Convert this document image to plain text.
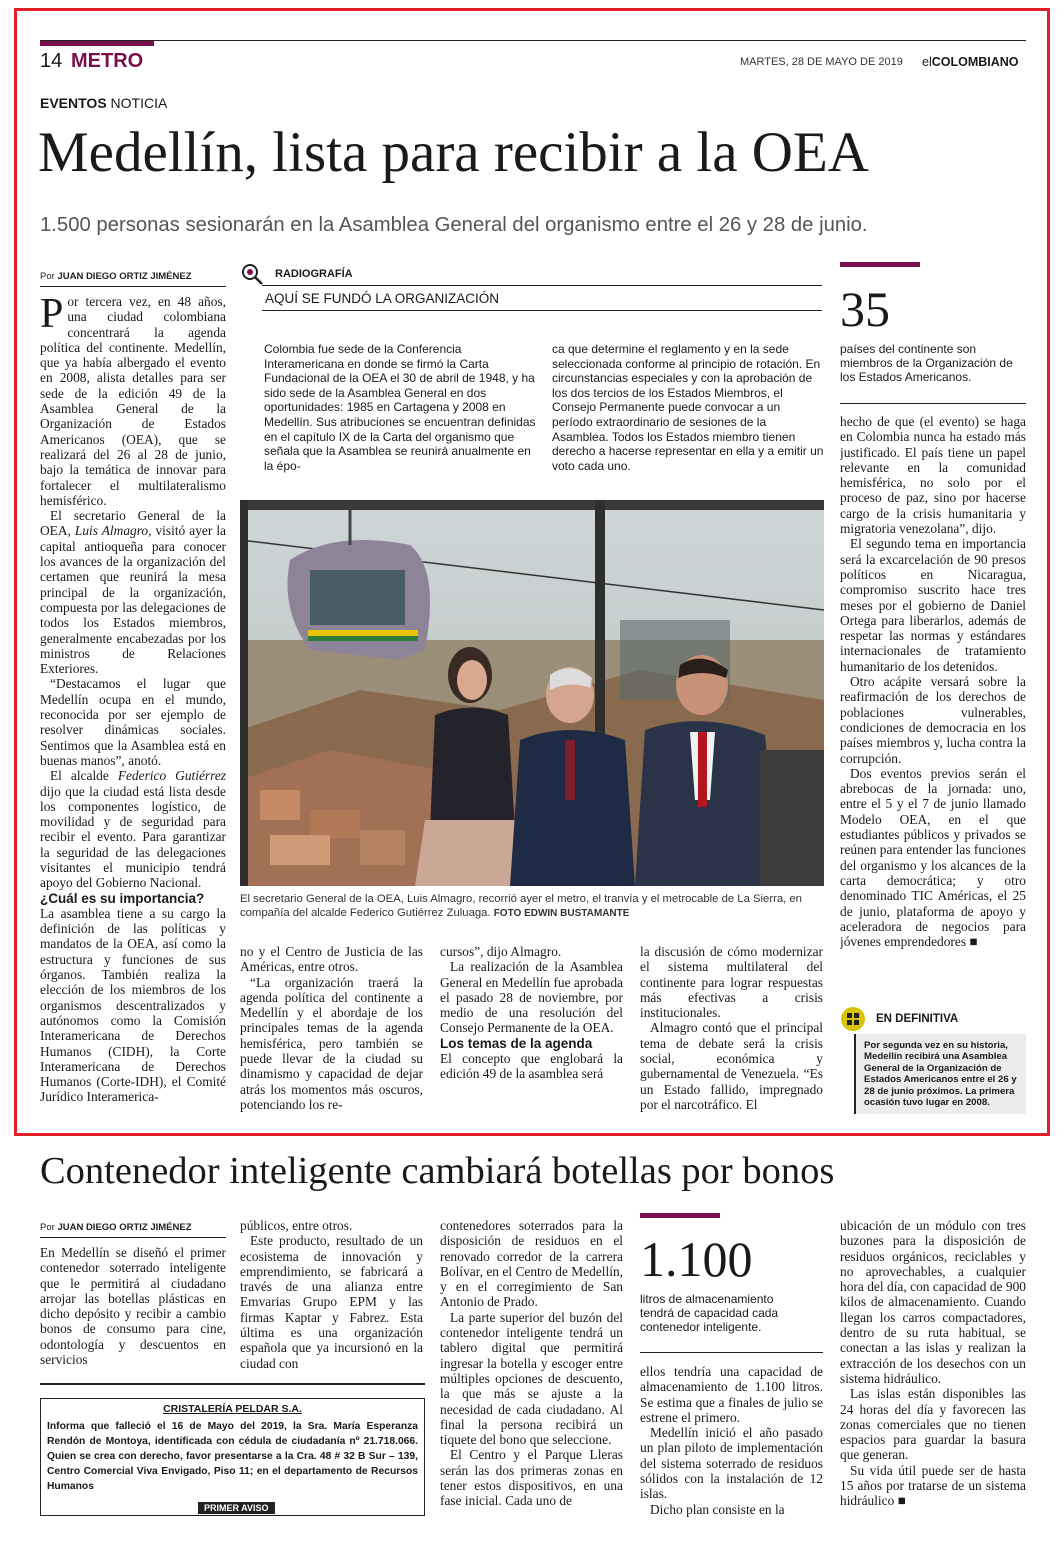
14 METRO	MARTES, 28 DE MAYO DE 2019 elCOLOMBIANO
EVENTOS NOTICIA
Medellín, lista para recibir a la OEA
1.500 personas sesionarán en la Asamblea General del organismo entre el 26 y 28 de junio.
Por JUAN DIEGO ORTIZ JIMÉNEZ

Por tercera vez, en 48 años, una ciudad colombiana concentrará la agenda política del continente. Medellín, que ya había albergado el evento en 2008, alista detalles para ser sede de la edición 49 de la Asamblea General de la Organización de Estados Americanos (OEA), que se realizará del 26 al 28 de junio, bajo la temática de innovar para fortalecer el multilateralismo hemisférico.

El secretario General de la OEA, Luis Almagro, visitó ayer la capital antioqueña para conocer los avances de la organización del certamen que reunirá la mesa principal de la organización, compuesta por las delegaciones de todos los Estados miembros, generalmente encabezadas por los ministros de Relaciones Exteriores.

“Destacamos el lugar que Medellín ocupa en el mundo, reconocida por ser ejemplo de resolver dinámicas sociales. Sentimos que la Asamblea está en buenas manos”, anotó.

El alcalde Federico Gutiérrez dijo que la ciudad está lista desde los componentes logístico, de movilidad y de seguridad para recibir el evento. Para garantizar la seguridad de las delegaciones visitantes el municipio tendrá apoyo del Gobierno Nacional.

¿Cuál es su importancia?

La asamblea tiene a su cargo la definición de las políticas y mandatos de la OEA, así como la estructura y funciones de sus órganos. También realiza la elección de los miembros de los organismos descentralizados y autónomos como la Comisión Interamericana de Derechos Humanos (CIDH), la Corte Interamericana de Derechos Humanos (Corte-IDH), el Comité Jurídico Interamerica-

RADIOGRAFÍA
AQUÍ SE FUNDÓ LA ORGANIZACIÓN
Colombia fue sede de la Conferencia Interamericana en donde se firmó la Carta Fundacional de la OEA el 30 de abril de 1948, y ha sido sede de la Asamblea General en dos oportunidades: 1985 en Cartagena y 2008 en Medellín. Sus atribuciones se encuentran definidas en el capítulo IX de la Carta del organismo que señala que la Asamblea se reunirá anualmente en la épo-
ca que determine el reglamento y en la sede seleccionada conforme al principio de rotación. En circunstancias especiales y con la aprobación de los dos tercios de los Estados Miembros, el Consejo Permanente puede convocar a un período extraordinario de sesiones de la Asamblea. Todos los Estados miembro tienen derecho a hacerse representar en ella y a emitir un voto cada uno.
El secretario General de la OEA, Luis Almagro, recorrió ayer el metro, el tranvía y el metrocable de La Sierra, en compañía del alcalde Federico Gutiérrez Zuluaga. FOTO EDWIN BUSTAMANTE

no y el Centro de Justicia de las Américas, entre otros.

“La organización traerá la agenda política del continente a Medellín y el abordaje de los principales temas de la agenda hemisférica, pero también se puede llevar de la ciudad su dinamismo y capacidad de dejar atrás los momentos más oscuros, potenciando los re-

cursos”, dijo Almagro.

La realización de la Asamblea General en Medellín fue aprobada el pasado 28 de noviembre, por medio de una resolución del Consejo Permanente de la OEA.

Los temas de la agenda

El concepto que englobará la edición 49 de la asamblea será

la discusión de cómo modernizar el sistema multilateral del continente para lograr respuestas más efectivas a crisis institucionales.

Almagro contó que el principal tema de debate será la crisis social, económica y gubernamental de Venezuela. “Es un Estado fallido, impregnado por el narcotráfico. El

35
países del continente son miembros de la Organización de los Estados Americanos.

hecho de que (el evento) se haga en Colombia nunca ha estado más justificado. El país tiene un papel relevante en la comunidad hemisférica, no solo por el proceso de paz, sino por hacerse cargo de la crisis humanitaria y migratoria venezolana”, dijo.

El segundo tema en importancia será la excarcelación de 90 presos políticos en Nicaragua, compromiso suscrito hace tres meses por el gobierno de Daniel Ortega para liberarlos, además de respetar las normas y estándares internacionales de tratamiento humanitario de los detenidos.

Otro acápite versará sobre la reafirmación de los derechos de poblaciones vulnerables, condiciones de democracia en los países miembros y, lucha contra la corrupción.

Dos eventos previos serán el abrebocas de la jornada: uno, entre el 5 y el 7 de junio llamado Modelo OEA, en el que estudiantes públicos y privados se reúnen para entender las funciones del organismo y los alcances de la carta democrática; y otro denominado TIC Américas, el 25 de junio, plataforma de apoyo y aceleradora de negocios para jóvenes emprendedores ■

EN DEFINITIVA
Por segunda vez en su historia, Medellín recibirá una Asamblea General de la Organización de Estados Americanos entre el 26 y 28 de junio próximos. La primera ocasión tuvo lugar en 2008.
Contenedor inteligente cambiará botellas por bonos
Por JUAN DIEGO ORTIZ JIMÉNEZ

En Medellín se diseñó el primer contenedor soterrado inteligente que le permitirá al ciudadano arrojar las botellas plásticas en dicho depósito y recibir a cambio bonos de consumo para cine, odontología y descuentos en servicios

CRISTALERÍA PELDAR S.A.
Informa que falleció el 16 de Mayo del 2019, la Sra. María Esperanza Rendón de Montoya, identificada con cédula de ciudadanía nº 21.718.066. Quien se crea con derecho, favor presentarse a la Cra. 48 # 32 B Sur – 139, Centro Comercial Viva Envigado, Piso 11; en el departamento de Recursos Humanos
PRIMER AVISO

públicos, entre otros.

Este producto, resultado de un ecosistema de innovación y emprendimiento, se fabricará a través de una alianza entre Emvarias Grupo EPM y las firmas Kaptar y Fabrez. Esta última es una organización española que ya incursionó en la ciudad con

contenedores soterrados para la disposición de residuos en el renovado corredor de la carrera Bolívar, en el Centro de Medellín, y en el corregimiento de San Antonio de Prado.

La parte superior del buzón del contenedor inteligente tendrá un tablero digital que permitirá ingresar la botella y escoger entre múltiples opciones de descuento, la que más se ajuste a la necesidad de cada ciudadano. Al final la persona recibirá un tiquete del bono que seleccione.

El Centro y el Parque Lleras serán las dos primeras zonas en tener estos dispositivos, en una fase inicial. Cada uno de

1.100
litros de almacenamiento tendrá de capacidad cada contenedor inteligente.

ellos tendría una capacidad de almacenamiento de 1.100 litros. Se estima que a finales de julio se estrene el primero.

Medellín inició el año pasado un plan piloto de implementación del sistema soterrado de residuos sólidos con la instalación de 12 islas.

Dicho plan consiste en la

ubicación de un módulo con tres buzones para la disposición de residuos orgánicos, reciclables y no aprovechables, a cualquier hora del día, con capacidad de 900 kilos de almacenamiento. Cuando llegan los carros compactadores, dentro de su ruta habitual, se conectan a las islas y realizan la extracción de los desechos con un sistema hidráulico.

Las islas están disponibles las 24 horas del día y favorecen las zonas comerciales que no tienen espacios para guardar la basura que generan.

Su vida útil puede ser de hasta 15 años por tratarse de un sistema hidráulico ■
